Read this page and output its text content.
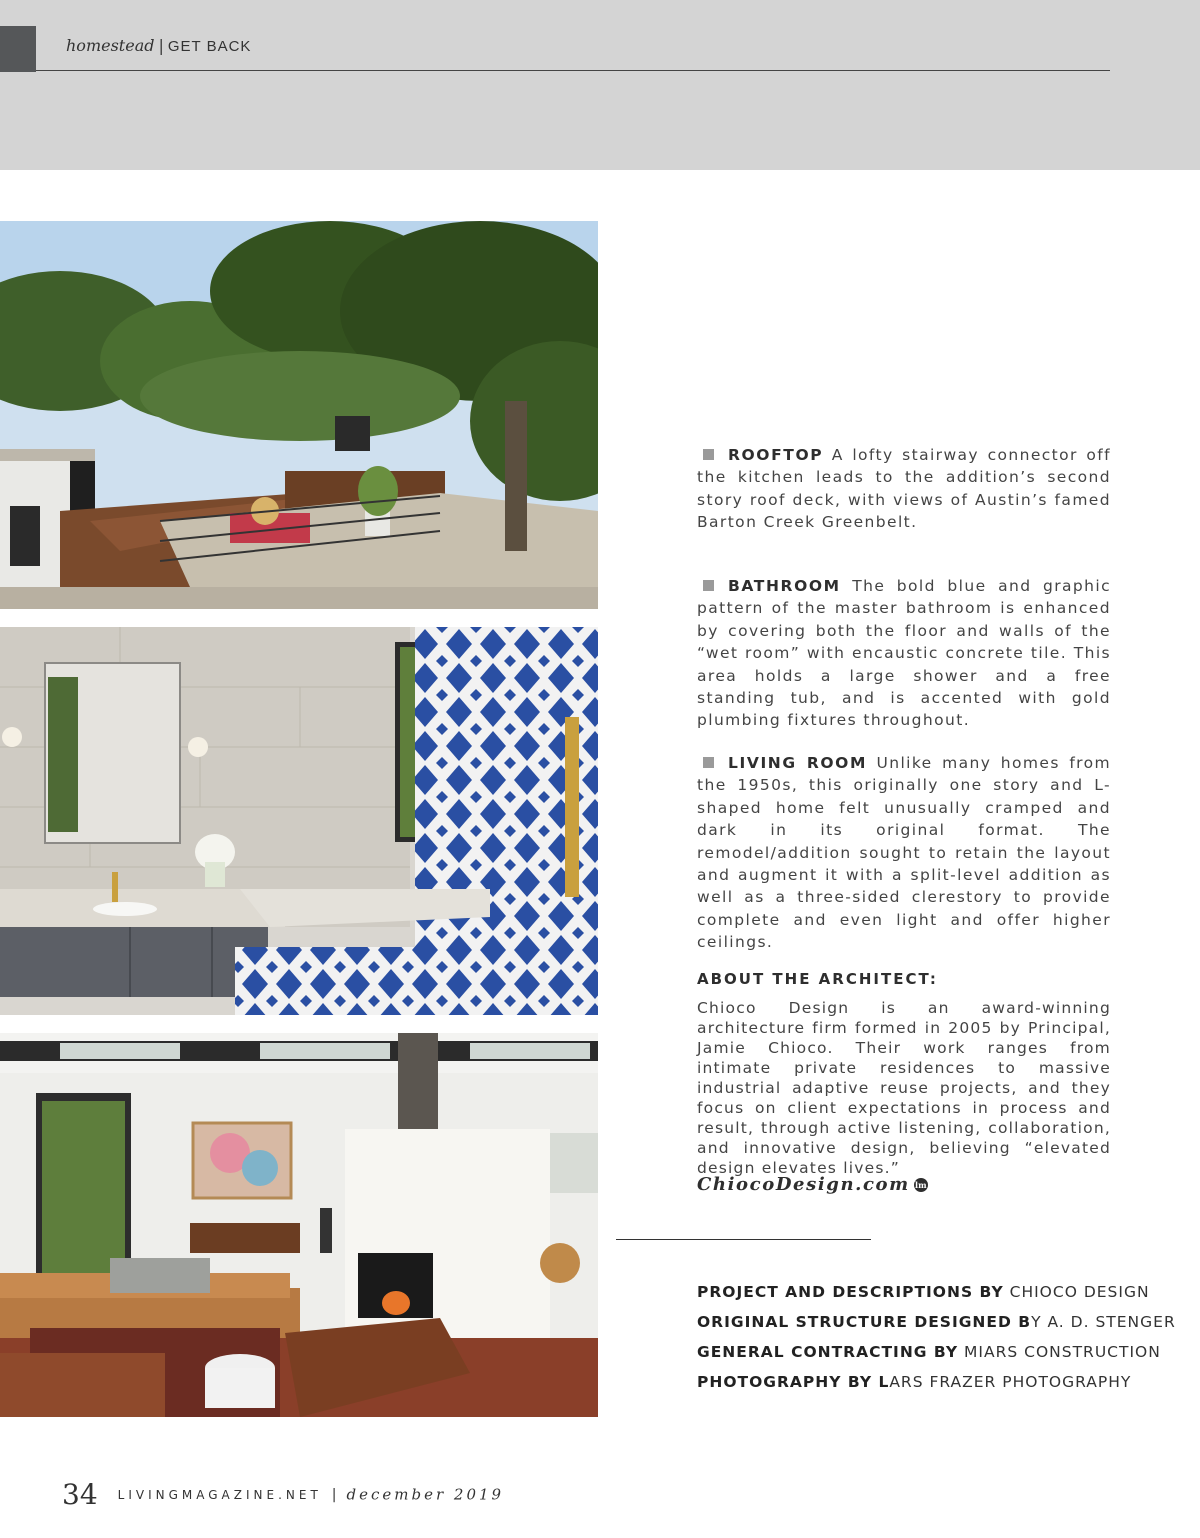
homestead | GET BACK

ROOFTOP A lofty stairway connector off the kitchen leads to the addition’s second story roof deck, with views of Austin’s famed Barton Creek Greenbelt.

BATHROOM The bold blue and graphic pattern of the master bathroom is enhanced by covering both the floor and walls of the “wet room” with encaustic concrete tile. This area holds a large shower and a free standing tub, and is accented with gold plumbing fixtures throughout.

LIVING ROOM Unlike many homes from the 1950s, this originally one story and L-shaped home felt unusually cramped and dark in its original format. The remodel/addition sought to retain the layout and augment it with a split-level addition as well as a three-sided clerestory to provide complete and even light and offer higher ceilings.

ABOUT THE ARCHITECT:

Chioco Design is an award-winning architecture firm formed in 2005 by Principal, Jamie Chioco. Their work ranges from intimate private residences to massive industrial adaptive reuse projects, and they focus on client expectations in process and result, through active listening, collaboration, and innovative design, believing “elevated design elevates lives.”

ChiocoDesign.com lm
PROJECT AND DESCRIPTIONS BY CHIOCO DESIGN
ORIGINAL STRUCTURE DESIGNED BY A. D. STENGER
GENERAL CONTRACTING BY MIARS CONSTRUCTION
PHOTOGRAPHY BY LARS FRAZER PHOTOGRAPHY
34 LIVINGMAGAZINE.NET | december 2019
